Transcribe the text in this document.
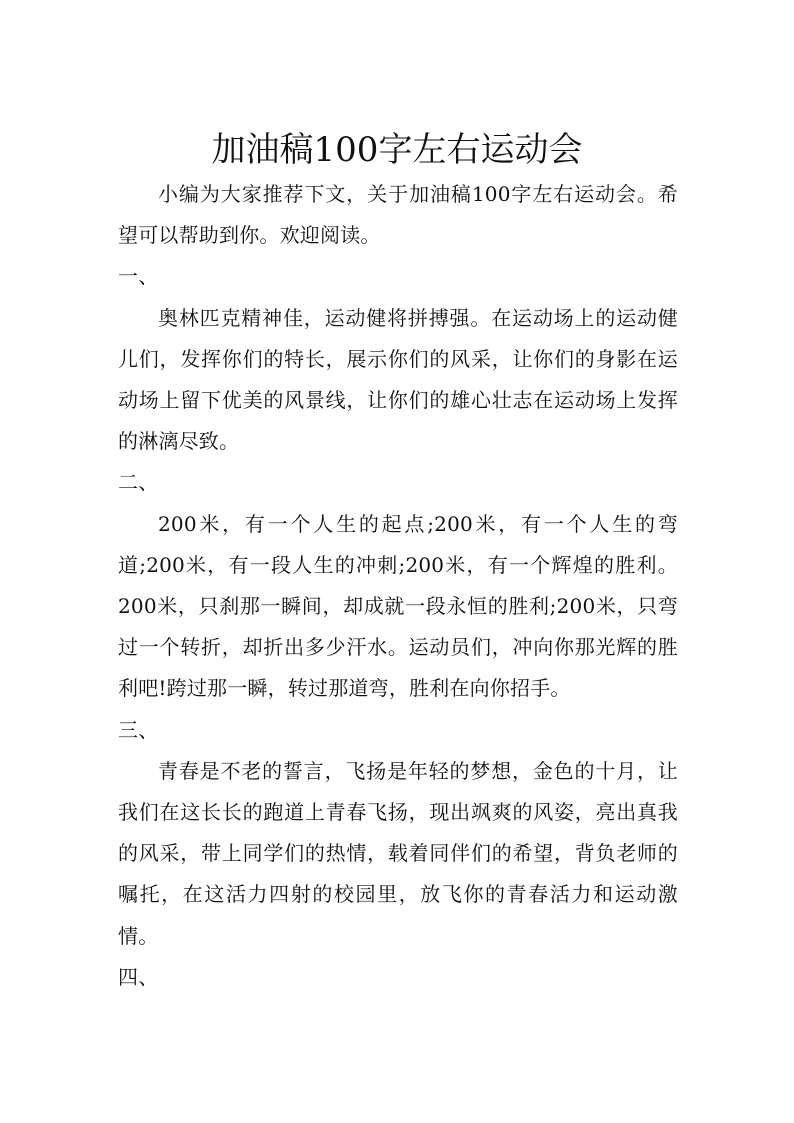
加油稿100字左右运动会

小编为大家推荐下文，关于加油稿100字左右运动会。希望可以帮助到你。欢迎阅读。

一、

奥林匹克精神佳，运动健将拼搏强。在运动场上的运动健儿们，发挥你们的特长，展示你们的风采，让你们的身影在运动场上留下优美的风景线，让你们的雄心壮志在运动场上发挥的淋漓尽致。

二、

200米，有一个人生的起点;200米，有一个人生的弯道;200米，有一段人生的冲刺;200米，有一个辉煌的胜利。200米，只刹那一瞬间，却成就一段永恒的胜利;200米，只弯过一个转折，却折出多少汗水。运动员们，冲向你那光辉的胜利吧!跨过那一瞬，转过那道弯，胜利在向你招手。

三、

青春是不老的誓言，飞扬是年轻的梦想，金色的十月，让我们在这长长的跑道上青春飞扬，现出飒爽的风姿，亮出真我的风采，带上同学们的热情，载着同伴们的希望，背负老师的嘱托，在这活力四射的校园里，放飞你的青春活力和运动激情。

四、
